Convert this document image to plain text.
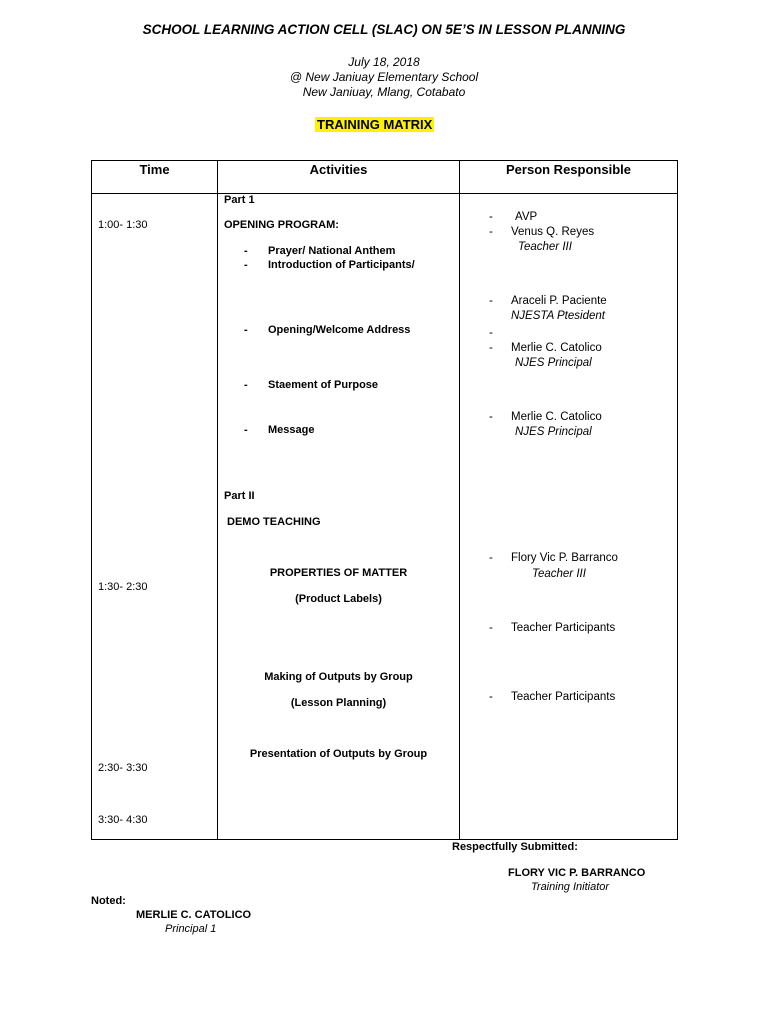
SCHOOL LEARNING ACTION CELL (SLAC) ON 5E’S IN LESSON PLANNING
July 18, 2018
@ New Janiuay Elementary School
New Janiuay, Mlang, Cotabato
TRAINING MATRIX
Time	Activities	Person Responsible
1:00- 1:30
1:30- 2:30
2:30- 3:30
3:30- 4:30
Part 1
OPENING PROGRAM:
- Prayer/ National Anthem
- Introduction of Participants/
- Opening/Welcome Address
- Staement of Purpose
- Message
Part II
DEMO TEACHING
PROPERTIES OF MATTER
(Product Labels)
Making of Outputs by Group
(Lesson Planning)
Presentation of Outputs by Group
- AVP
- Venus Q. Reyes
Teacher III
- Araceli P. Paciente
NJESTA Ptesident
-
- Merlie C. Catolico
NJES Principal
- Merlie C. Catolico
NJES Principal
- Flory Vic P. Barranco
Teacher III
- Teacher Participants
- Teacher Participants
Respectfully Submitted:
FLORY VIC P. BARRANCO
Training Initiator
Noted:
MERLIE C. CATOLICO
Principal 1
